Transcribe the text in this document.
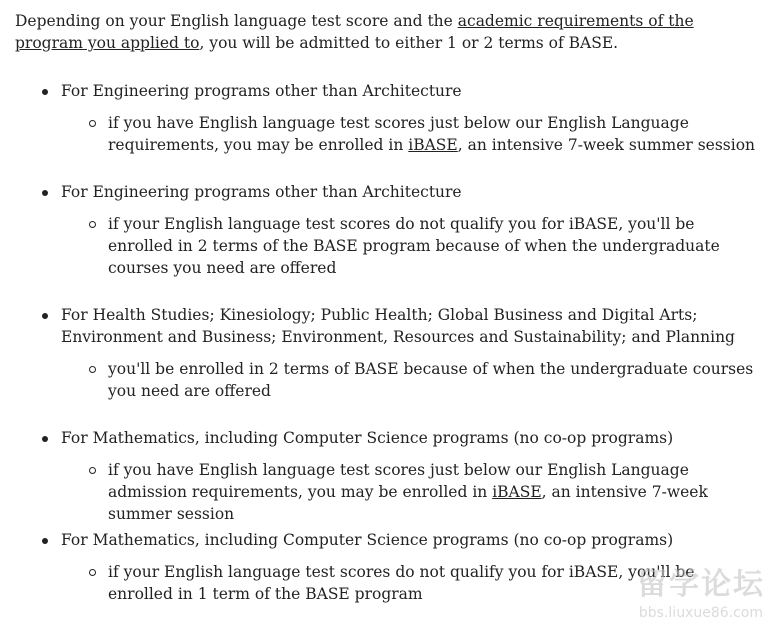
Depending on your English language test score and the academic requirements of the program you applied to, you will be admitted to either 1 or 2 terms of BASE.

For Engineering programs other than Architecture
if you have English language test scores just below our English Language requirements, you may be enrolled in iBASE, an intensive 7-week summer session
For Engineering programs other than Architecture
if your English language test scores do not qualify you for iBASE, you'll be enrolled in 2 terms of the BASE program because of when the undergraduate courses you need are offered
For Health Studies; Kinesiology; Public Health; Global Business and Digital Arts; Environment and Business; Environment, Resources and Sustainability; and Planning
you'll be enrolled in 2 terms of BASE because of when the undergraduate courses you need are offered
For Mathematics, including Computer Science programs (no co-op programs)
if you have English language test scores just below our English Language admission requirements, you may be enrolled in iBASE, an intensive 7-week summer session
For Mathematics, including Computer Science programs (no co-op programs)
if your English language test scores do not qualify you for iBASE, you'll be enrolled in 1 term of the BASE program	留学论坛
bbs.liuxue86.com
